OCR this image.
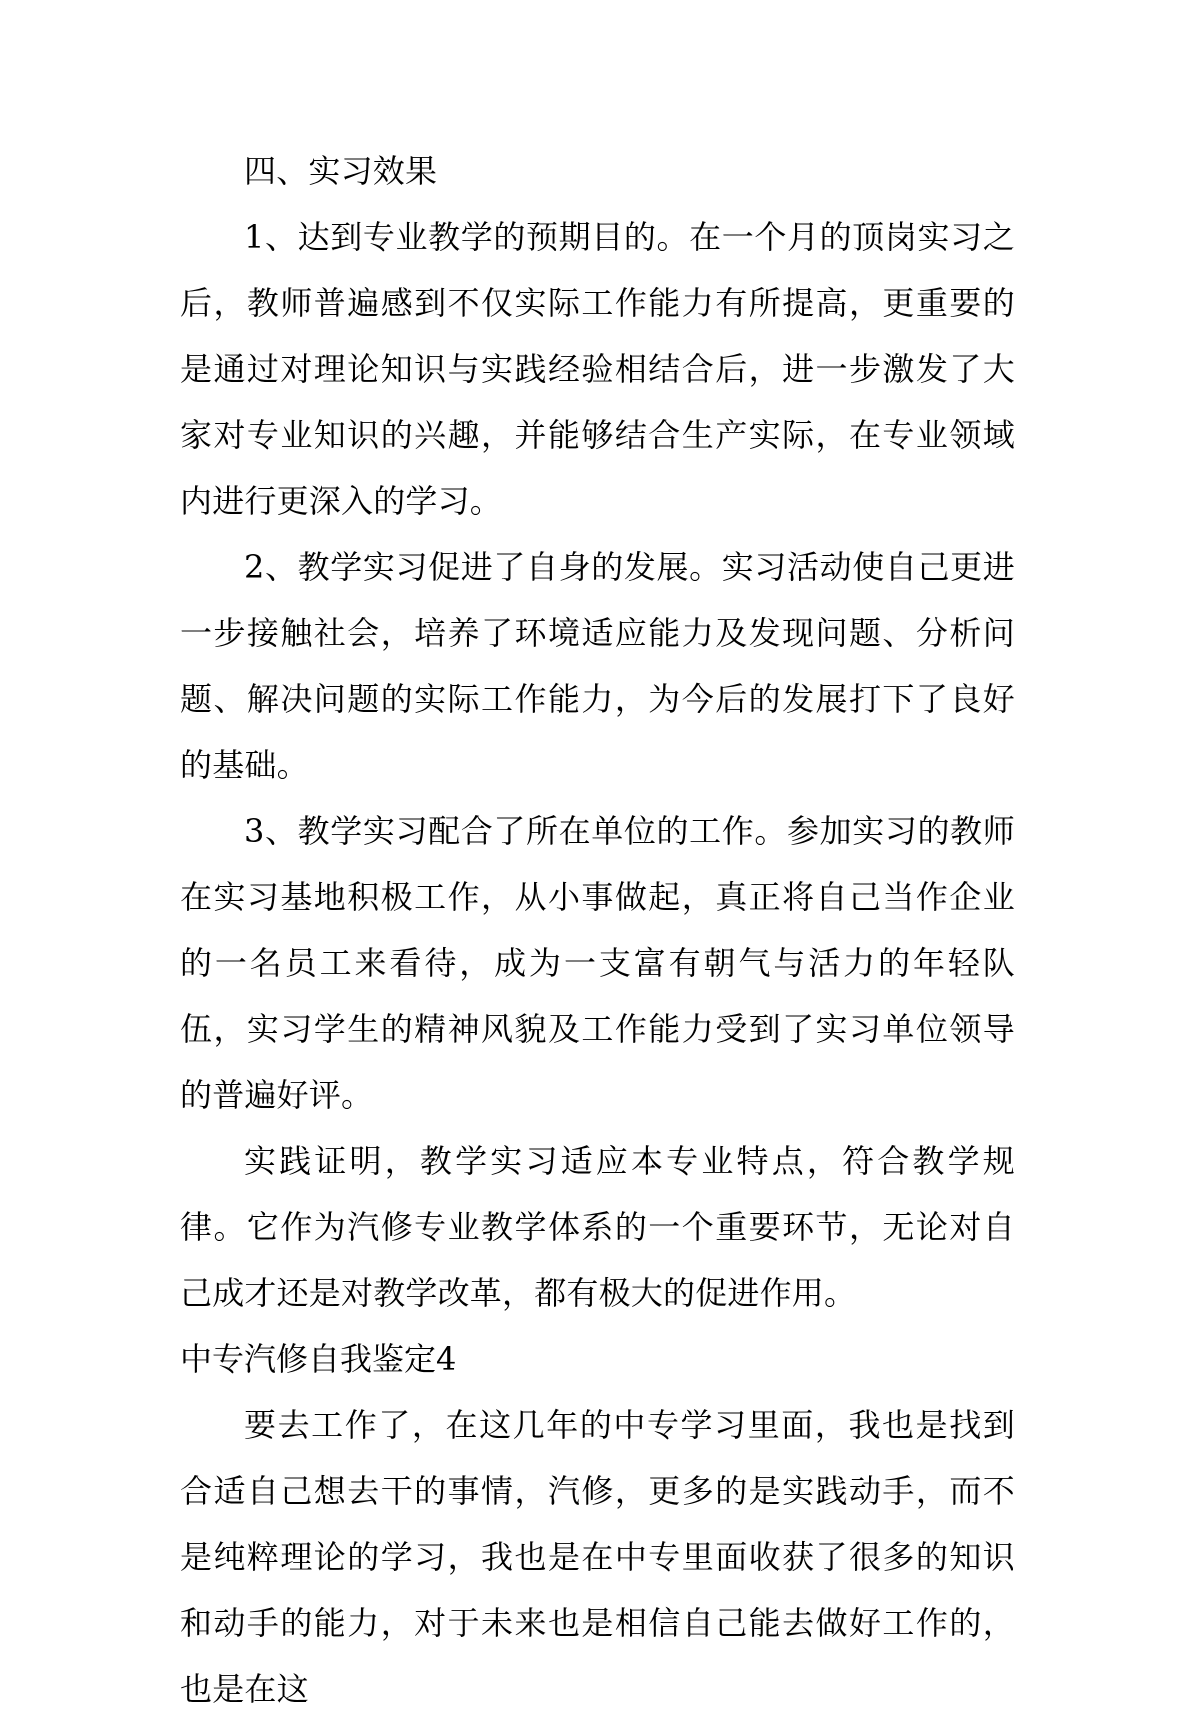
四、实习效果

1、达到专业教学的预期目的。在一个月的顶岗实习之后，教师普遍感到不仅实际工作能力有所提高，更重要的是通过对理论知识与实践经验相结合后，进一步激发了大家对专业知识的兴趣，并能够结合生产实际，在专业领域内进行更深入的学习。

2、教学实习促进了自身的发展。实习活动使自己更进一步接触社会，培养了环境适应能力及发现问题、分析问题、解决问题的实际工作能力，为今后的发展打下了良好的基础。

3、教学实习配合了所在单位的工作。参加实习的教师在实习基地积极工作，从小事做起，真正将自己当作企业的一名员工来看待，成为一支富有朝气与活力的年轻队伍，实习学生的精神风貌及工作能力受到了实习单位领导的普遍好评。

实践证明，教学实习适应本专业特点，符合教学规律。它作为汽修专业教学体系的一个重要环节，无论对自己成才还是对教学改革，都有极大的促进作用。

中专汽修自我鉴定4

要去工作了，在这几年的中专学习里面，我也是找到合适自己想去干的事情，汽修，更多的是实践动手，而不是纯粹理论的学习，我也是在中专里面收获了很多的知识和动手的能力，对于未来也是相信自己能去做好工作的，也是在这
